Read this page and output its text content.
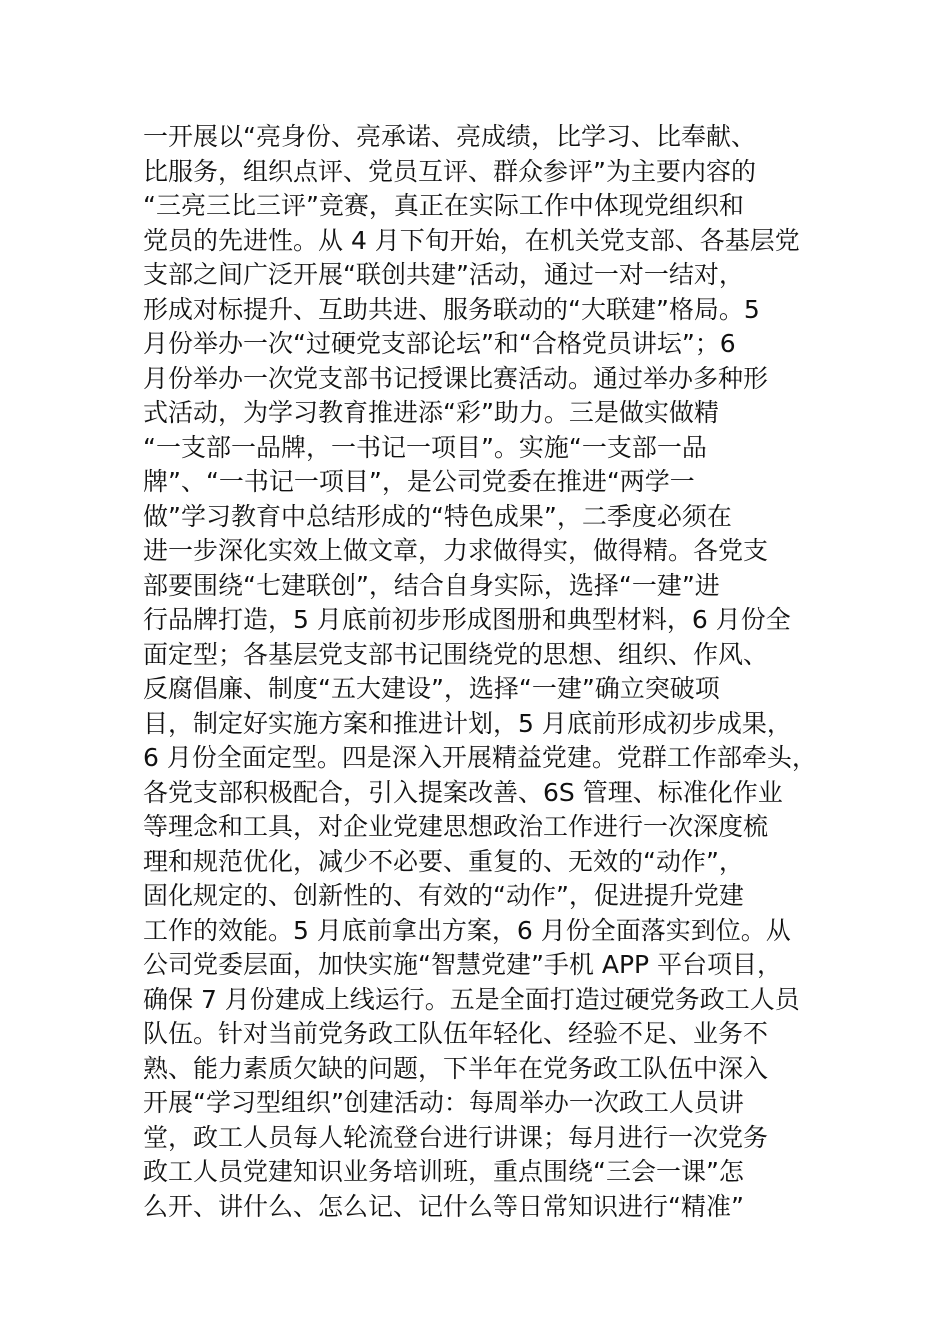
一开展以“亮身份、亮承诺、亮成绩，比学习、比奉献、
比服务，组织点评、党员互评、群众参评”为主要内容的
“三亮三比三评”竞赛，真正在实际工作中体现党组织和
党员的先进性。从 4 月下旬开始，在机关党支部、各基层党
支部之间广泛开展“联创共建”活动，通过一对一结对，
形成对标提升、互助共进、服务联动的“大联建”格局。5
月份举办一次“过硬党支部论坛”和“合格党员讲坛”；6
月份举办一次党支部书记授课比赛活动。通过举办多种形
式活动，为学习教育推进添“彩”助力。三是做实做精
“一支部一品牌，一书记一项目”。实施“一支部一品
牌”、“一书记一项目”，是公司党委在推进“两学一
做”学习教育中总结形成的“特色成果”，二季度必须在
进一步深化实效上做文章，力求做得实，做得精。各党支
部要围绕“七建联创”，结合自身实际，选择“一建”进
行品牌打造，5 月底前初步形成图册和典型材料，6 月份全
面定型；各基层党支部书记围绕党的思想、组织、作风、
反腐倡廉、制度“五大建设”，选择“一建”确立突破项
目，制定好实施方案和推进计划，5 月底前形成初步成果，
6 月份全面定型。四是深入开展精益党建。党群工作部牵头，
各党支部积极配合，引入提案改善、6S 管理、标准化作业
等理念和工具，对企业党建思想政治工作进行一次深度梳
理和规范优化，减少不必要、重复的、无效的“动作”，
固化规定的、创新性的、有效的“动作”，促进提升党建
工作的效能。5 月底前拿出方案，6 月份全面落实到位。从
公司党委层面，加快实施“智慧党建”手机 APP 平台项目，
确保 7 月份建成上线运行。五是全面打造过硬党务政工人员
队伍。针对当前党务政工队伍年轻化、经验不足、业务不
熟、能力素质欠缺的问题，下半年在党务政工队伍中深入
开展“学习型组织”创建活动：每周举办一次政工人员讲
堂，政工人员每人轮流登台进行讲课；每月进行一次党务
政工人员党建知识业务培训班，重点围绕“三会一课”怎
么开、讲什么、怎么记、记什么等日常知识进行“精准”
